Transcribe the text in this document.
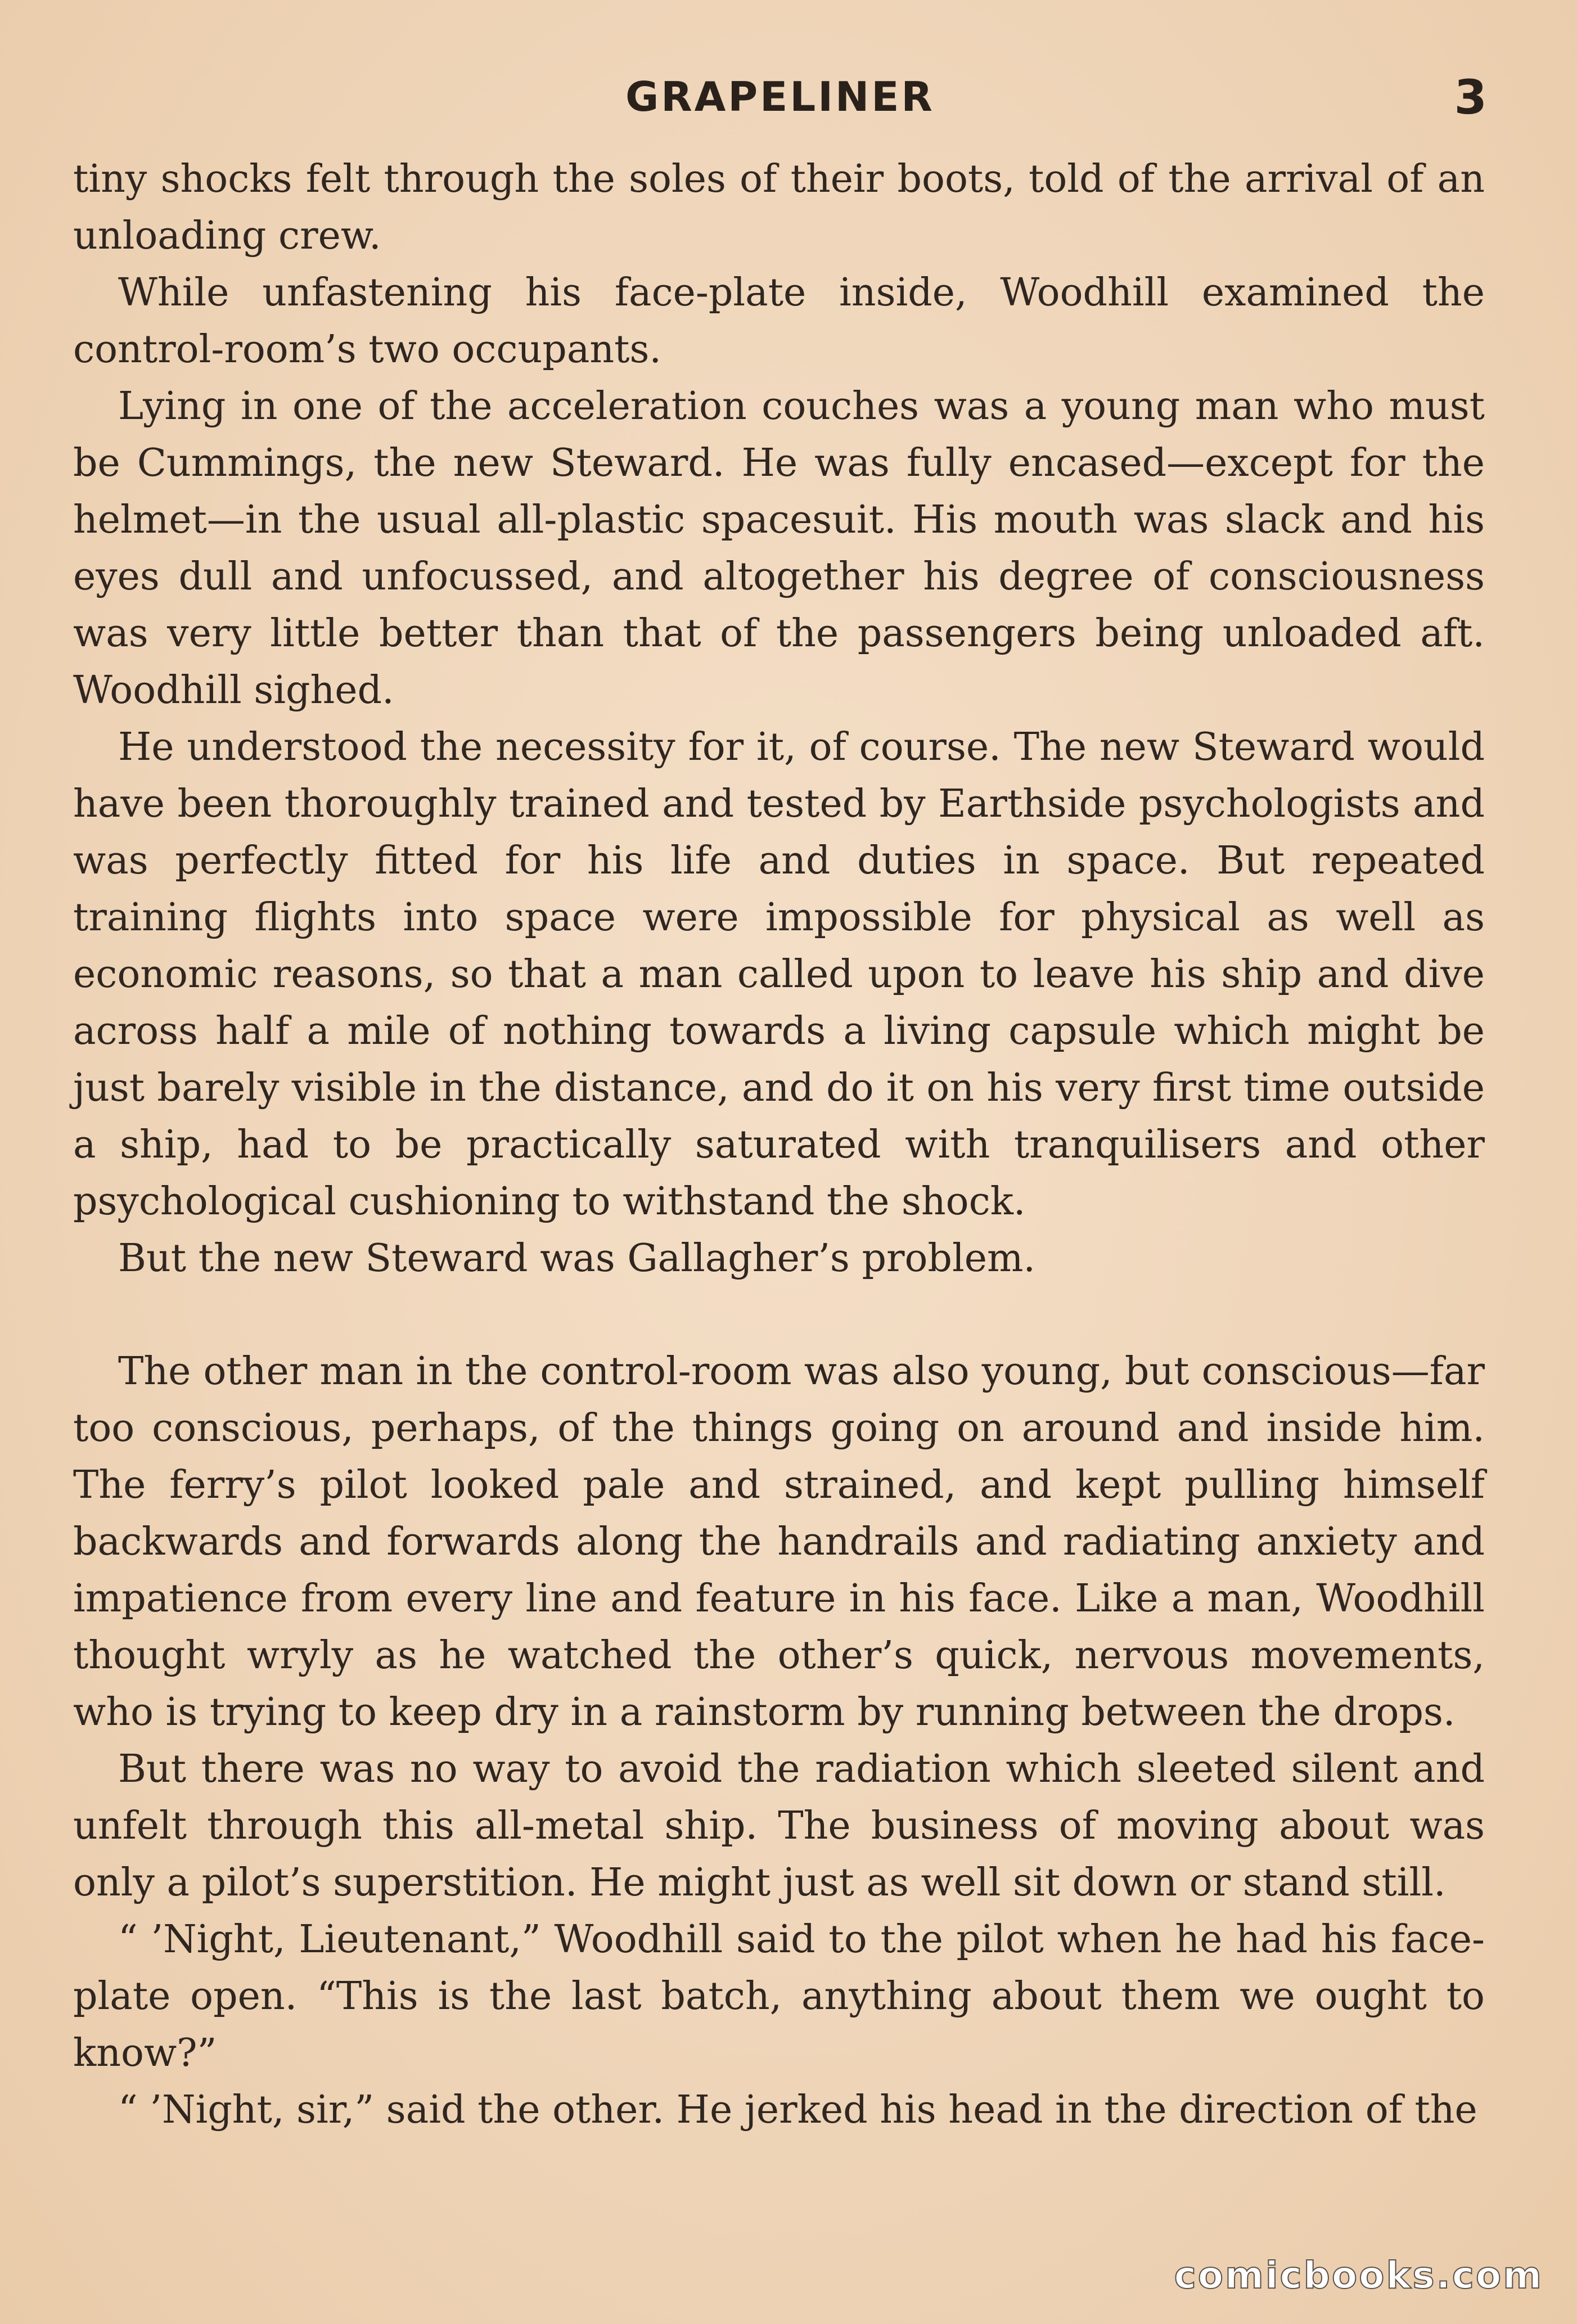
GRAPELINER	3

tiny shocks felt through the soles of their boots, told of the arrival of an unloading crew.

While unfastening his face-plate inside, Woodhill examined the control-room’s two occupants.

Lying in one of the acceleration couches was a young man who must be Cummings, the new Steward. He was fully encased—except for the helmet—in the usual all-plastic spacesuit. His mouth was slack and his eyes dull and unfocussed, and altogether his degree of consciousness was very little better than that of the passengers being unloaded aft. Woodhill sighed.

He understood the necessity for it, of course. The new Steward would have been thoroughly trained and tested by Earthside psychologists and was perfectly fitted for his life and duties in space. But repeated training flights into space were impossible for physical as well as economic reasons, so that a man called upon to leave his ship and dive across half a mile of nothing towards a living capsule which might be just barely visible in the distance, and do it on his very first time outside a ship, had to be practically saturated with tranquilisers and other psychological cushioning to withstand the shock.

But the new Steward was Gallagher’s problem.

The other man in the control-room was also young, but conscious—far too conscious, perhaps, of the things going on around and inside him. The ferry’s pilot looked pale and strained, and kept pulling himself backwards and forwards along the handrails and radiating anxiety and impatience from every line and feature in his face. Like a man, Woodhill thought wryly as he watched the other’s quick, nervous movements, who is trying to keep dry in a rainstorm by running between the drops.

But there was no way to avoid the radiation which sleeted silent and unfelt through this all-metal ship. The business of moving about was only a pilot’s superstition. He might just as well sit down or stand still.

“ ’Night, Lieutenant,” Woodhill said to the pilot when he had his face-plate open. “This is the last batch, anything about them we ought to know?”

“ ’Night, sir,” said the other. He jerked his head in the direction of the

comicbooks.com
